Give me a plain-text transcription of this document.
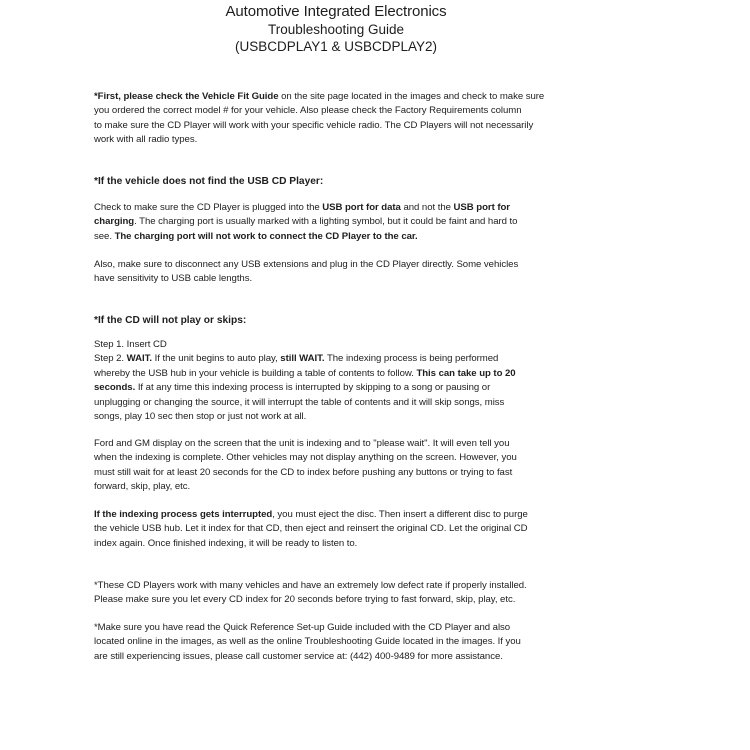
Automotive Integrated Electronics
Troubleshooting Guide
(USBCDPLAY1 & USBCDPLAY2)
*First, please check the Vehicle Fit Guide on the site page located in the images and check to make sure
you ordered the correct model # for your vehicle. Also please check the Factory Requirements column
to make sure the CD Player will work with your specific vehicle radio. The CD Players will not necessarily
work with all radio types.
*If the vehicle does not find the USB CD Player:
Check to make sure the CD Player is plugged into the USB port for data and not the USB port for
charging. The charging port is usually marked with a lighting symbol, but it could be faint and hard to
see. The charging port will not work to connect the CD Player to the car.
Also, make sure to disconnect any USB extensions and plug in the CD Player directly. Some vehicles
have sensitivity to USB cable lengths.
*If the CD will not play or skips:
Step 1. Insert CD
Step 2. WAIT. If the unit begins to auto play, still WAIT. The indexing process is being performed
whereby the USB hub in your vehicle is building a table of contents to follow. This can take up to 20
seconds. If at any time this indexing process is interrupted by skipping to a song or pausing or
unplugging or changing the source, it will interrupt the table of contents and it will skip songs, miss
songs, play 10 sec then stop or just not work at all.
Ford and GM display on the screen that the unit is indexing and to "please wait". It will even tell you
when the indexing is complete. Other vehicles may not display anything on the screen. However, you
must still wait for at least 20 seconds for the CD to index before pushing any buttons or trying to fast
forward, skip, play, etc.
If the indexing process gets interrupted, you must eject the disc. Then insert a different disc to purge
the vehicle USB hub. Let it index for that CD, then eject and reinsert the original CD. Let the original CD
index again. Once finished indexing, it will be ready to listen to.
*These CD Players work with many vehicles and have an extremely low defect rate if properly installed.
Please make sure you let every CD index for 20 seconds before trying to fast forward, skip, play, etc.
*Make sure you have read the Quick Reference Set-up Guide included with the CD Player and also
located online in the images, as well as the online Troubleshooting Guide located in the images. If you
are still experiencing issues, please call customer service at: (442) 400-9489 for more assistance.
